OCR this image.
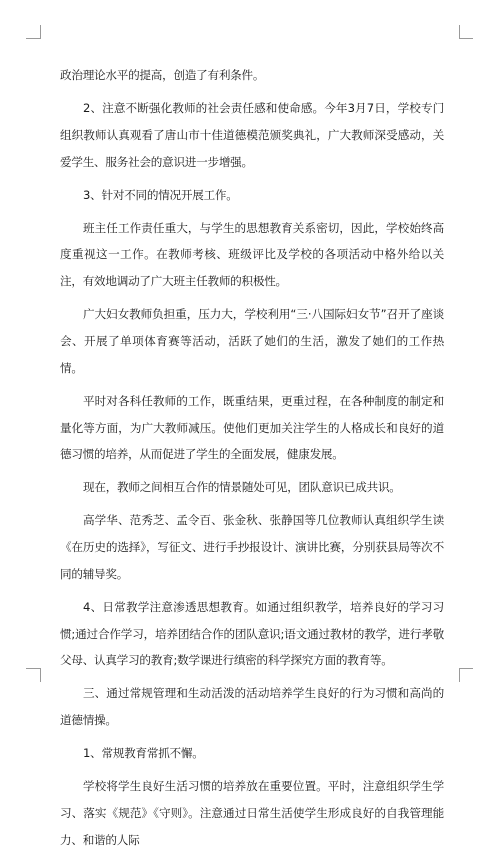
政治理论水平的提高，创造了有利条件。

2、注意不断强化教师的社会责任感和使命感。今年3月7日，学校专门组织教师认真观看了唐山市十佳道德模范颁奖典礼，广大教师深受感动，关爱学生、服务社会的意识进一步增强。

3、针对不同的情况开展工作。

班主任工作责任重大，与学生的思想教育关系密切，因此，学校始终高度重视这一工作。在教师考核、班级评比及学校的各项活动中格外给以关注，有效地调动了广大班主任教师的积极性。

广大妇女教师负担重，压力大，学校利用“三·八国际妇女节”召开了座谈会、开展了单项体育赛等活动，活跃了她们的生活，激发了她们的工作热情。

平时对各科任教师的工作，既重结果，更重过程，在各种制度的制定和量化等方面，为广大教师减压。使他们更加关注学生的人格成长和良好的道德习惯的培养，从而促进了学生的全面发展，健康发展。

现在，教师之间相互合作的情景随处可见，团队意识已成共识。

高学华、范秀芝、孟令百、张金秋、张静国等几位教师认真组织学生读《在历史的选择》，写征文、进行手抄报设计、演讲比赛，分别获县局等次不同的辅导奖。

4、日常教学注意渗透思想教育。如通过组织教学，培养良好的学习习惯;通过合作学习，培养团结合作的团队意识;语文通过教材的教学，进行孝敬父母、认真学习的教育;数学课进行缜密的科学探究方面的教育等。

三、通过常规管理和生动活泼的活动培养学生良好的行为习惯和高尚的道德情操。

1、常规教育常抓不懈。

学校将学生良好生活习惯的培养放在重要位置。平时，注意组织学生学习、落实《规范》《守则》。注意通过日常生活使学生形成良好的自我管理能力、和谐的人际
